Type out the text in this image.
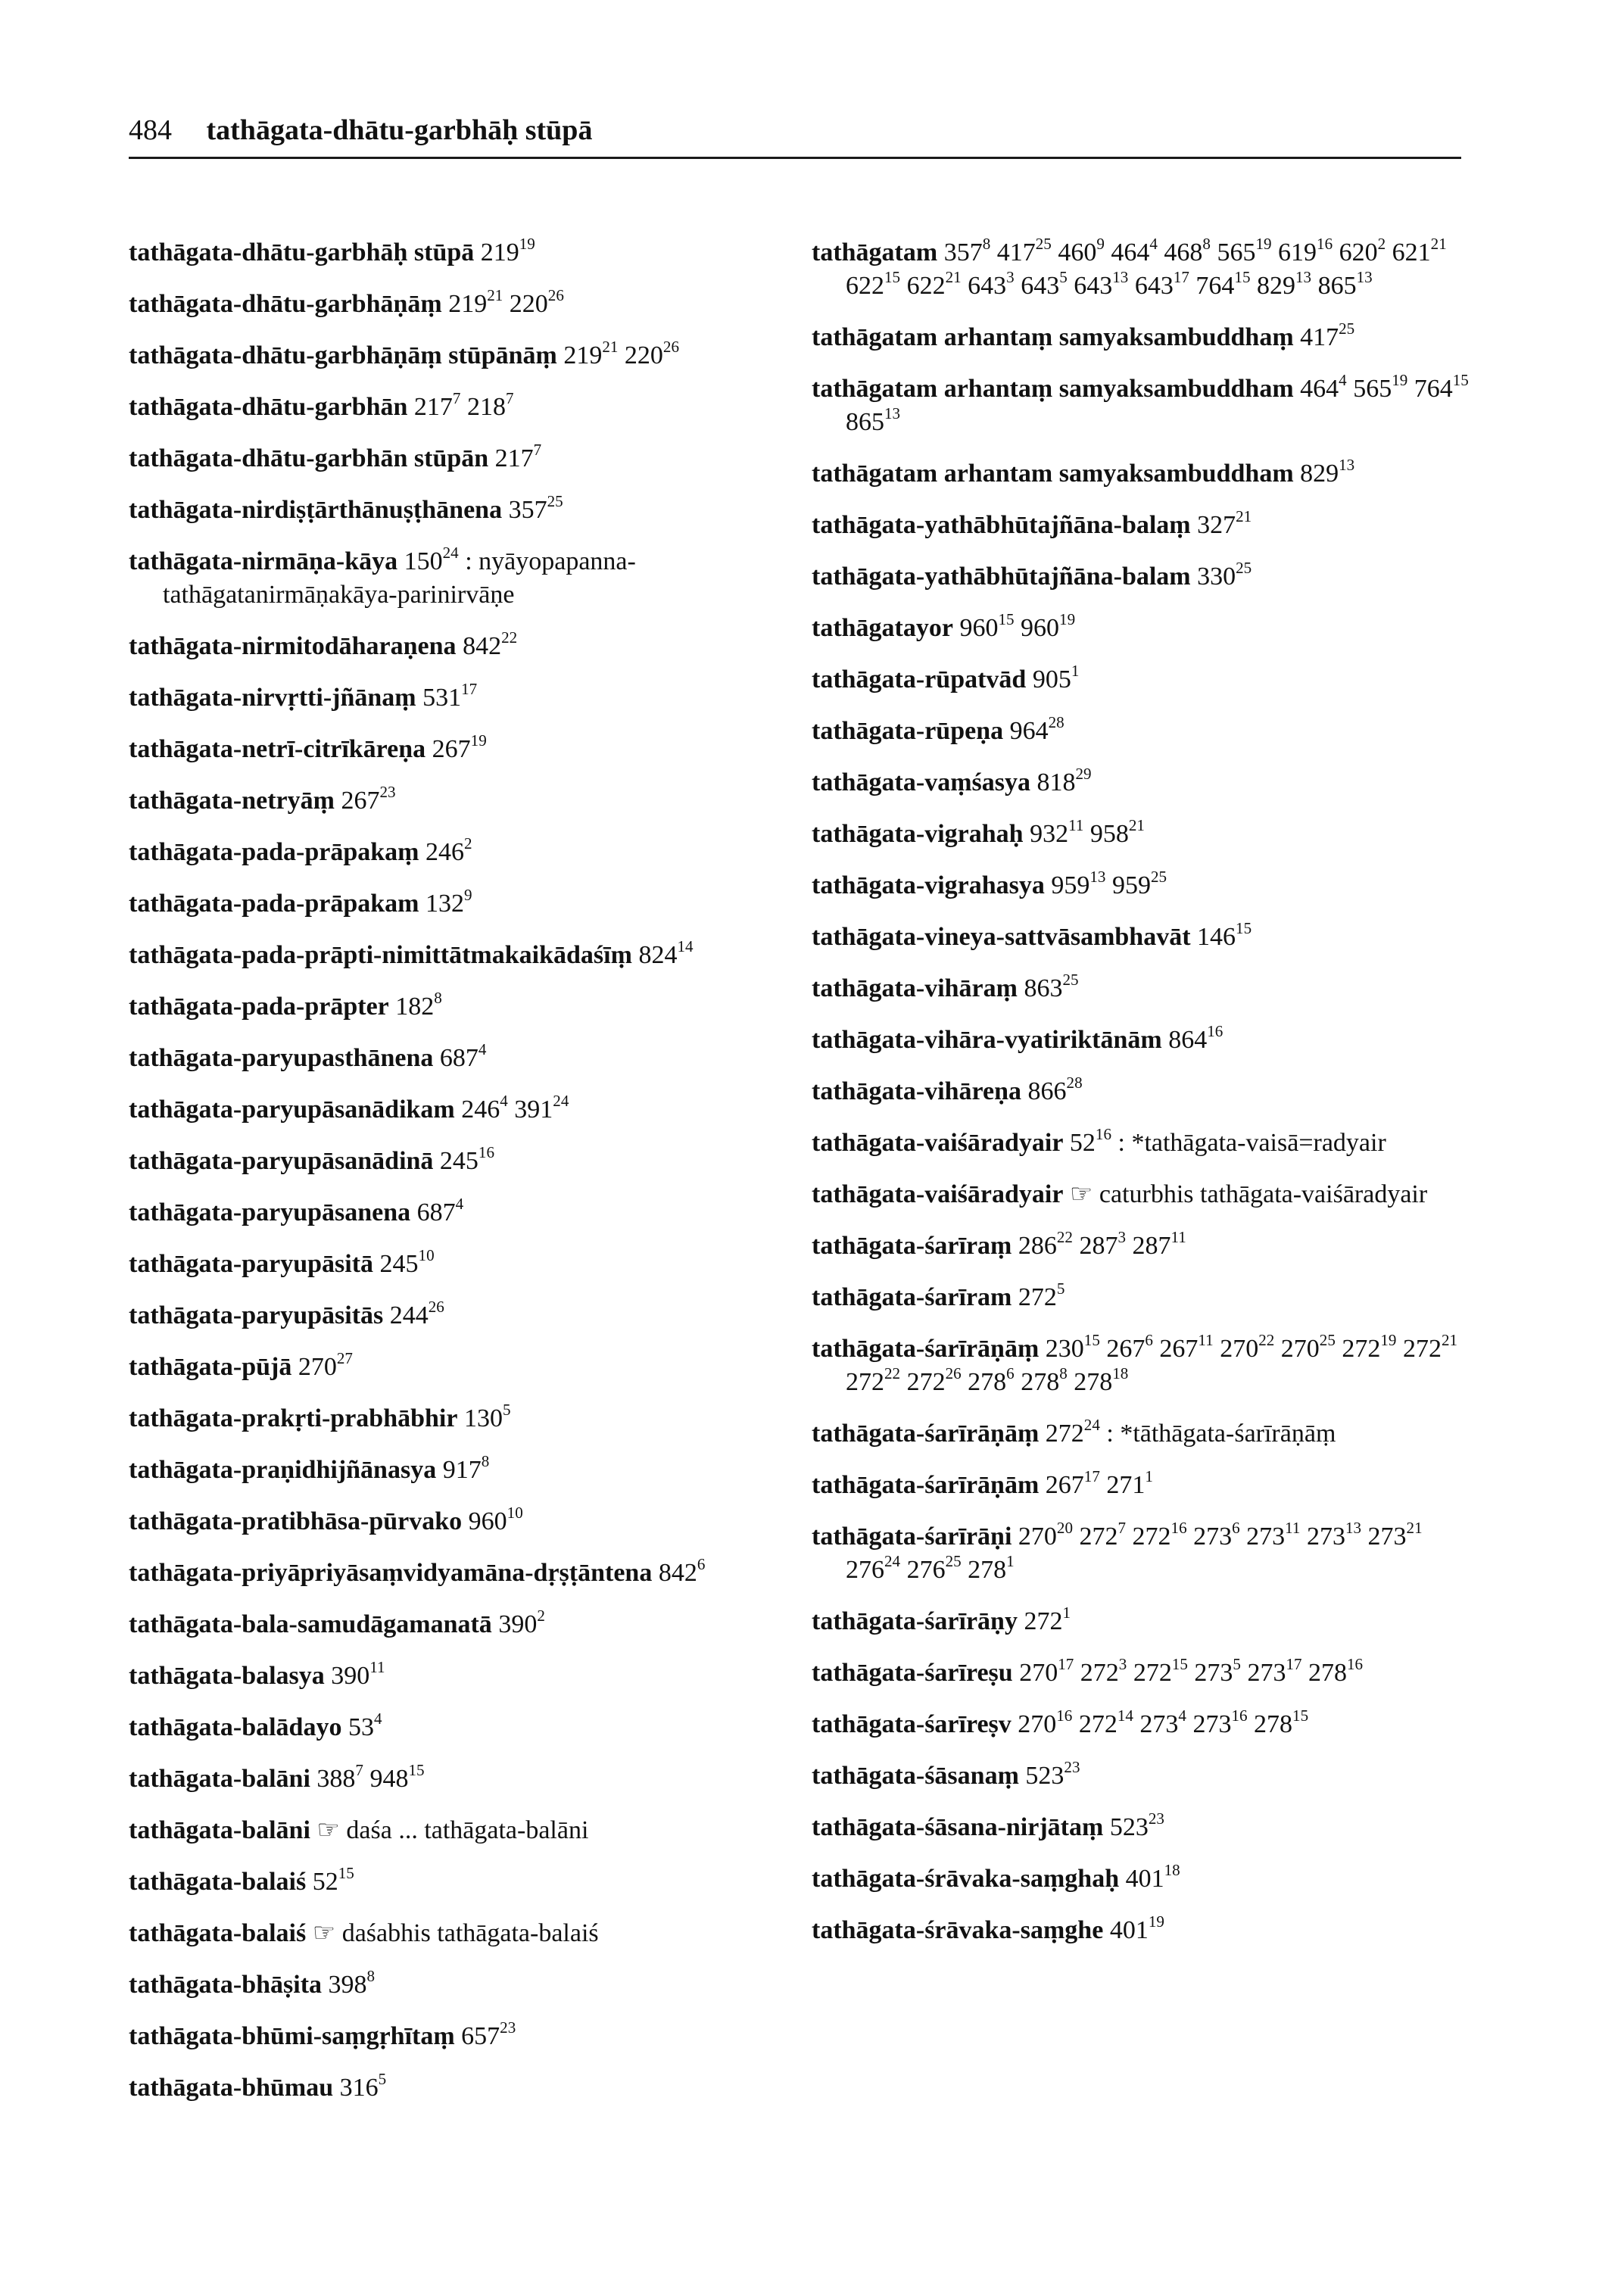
484 tathāgata-dhātu-garbhāḥ stūpā

tathāgata-dhātu-garbhāḥ stūpā $219^{19}$

tathāgata-dhātu-garbhāṇāṃ $219^{21}$ $220^{26}$

tathāgata-dhātu-garbhāṇāṃ stūpānāṃ $219^{21}$ $220^{26}$

tathāgata-dhātu-garbhān $217^7$ $218^7$

tathāgata-dhātu-garbhān stūpān $217^7$

tathāgata-nirdiṣṭārthānuṣṭhānena $357^{25}$

tathāgata-nirmāṇa-kāya $150^{24}$ : nyāyopapanna-tathāgatanirmāṇakāya-parinirvāṇe

tathāgata-nirmitodāharaṇena $842^{22}$

tathāgata-nirvṛtti-jñānaṃ $531^{17}$

tathāgata-netrī-citrīkāreṇa $267^{19}$

tathāgata-netryāṃ $267^{23}$

tathāgata-pada-prāpakaṃ $246^2$

tathāgata-pada-prāpakam $132^9$

tathāgata-pada-prāpti-nimittātmakaikādaśīṃ $824^{14}$

tathāgata-pada-prāpter $182^8$

tathāgata-paryupasthānena $687^4$

tathāgata-paryupāsanādikam $246^4$ $391^{24}$

tathāgata-paryupāsanādinā $245^{16}$

tathāgata-paryupāsanena $687^4$

tathāgata-paryupāsitā $245^{10}$

tathāgata-paryupāsitās $244^{26}$

tathāgata-pūjā $270^{27}$

tathāgata-prakṛti-prabhābhir $130^5$

tathāgata-praṇidhijñānasya $917^8$

tathāgata-pratibhāsa-pūrvako $960^{10}$

tathāgata-priyāpriyāsaṃvidyamāna-dṛṣṭāntena $842^6$

tathāgata-bala-samudāgamanatā $390^2$

tathāgata-balasya $390^{11}$

tathāgata-balādayo $53^4$

tathāgata-balāni $388^7$ $948^{15}$

tathāgata-balāni ☞ daśa ... tathāgata-balāni

tathāgata-balaiś $52^{15}$

tathāgata-balaiś ☞ daśabhis tathāgata-balaiś

tathāgata-bhāṣita $398^8$

tathāgata-bhūmi-saṃgṛhītaṃ $657^{23}$

tathāgata-bhūmau $316^5$

tathāgatam $357^8$ $417^{25}$ $460^9$ $464^4$ $468^8$ $565^{19}$ $619^{16}$ $620^2$ $621^{21}$ $622^{15}$ $622^{21}$ $643^3$ $643^5$ $643^{13}$ $643^{17}$ $764^{15}$ $829^{13}$ $865^{13}$

tathāgatam arhantaṃ samyaksambuddhaṃ $417^{25}$

tathāgatam arhantaṃ samyaksambuddham $464^4$ $565^{19}$ $764^{15}$ $865^{13}$

tathāgatam arhantam samyaksambuddham $829^{13}$

tathāgata-yathābhūtajñāna-balaṃ $327^{21}$

tathāgata-yathābhūtajñāna-balam $330^{25}$

tathāgatayor $960^{15}$ $960^{19}$

tathāgata-rūpatvād $905^1$

tathāgata-rūpeṇa $964^{28}$

tathāgata-vaṃśasya $818^{29}$

tathāgata-vigrahaḥ $932^{11}$ $958^{21}$

tathāgata-vigrahasya $959^{13}$ $959^{25}$

tathāgata-vineya-sattvāsambhavāt $146^{15}$

tathāgata-vihāraṃ $863^{25}$

tathāgata-vihāra-vyatiriktānām $864^{16}$

tathāgata-vihāreṇa $866^{28}$

tathāgata-vaiśāradyair $52^{16}$ : *tathāgata-vaisā=radyair

tathāgata-vaiśāradyair ☞ caturbhis tathāgata-vaiśāradyair

tathāgata-śarīraṃ $286^{22}$ $287^3$ $287^{11}$

tathāgata-śarīram $272^5$

tathāgata-śarīrāṇāṃ $230^{15}$ $267^6$ $267^{11}$ $270^{22}$ $270^{25}$ $272^{19}$ $272^{21}$ $272^{22}$ $272^{26}$ $278^6$ $278^8$ $278^{18}$

tathāgata-śarīrāṇāṃ $272^{24}$ : *tāthāgata-śarīrāṇāṃ

tathāgata-śarīrāṇām $267^{17}$ $271^1$

tathāgata-śarīrāṇi $270^{20}$ $272^7$ $272^{16}$ $273^6$ $273^{11}$ $273^{13}$ $273^{21}$ $276^{24}$ $276^{25}$ $278^1$

tathāgata-śarīrāṇy $272^1$

tathāgata-śarīreṣu $270^{17}$ $272^3$ $272^{15}$ $273^5$ $273^{17}$ $278^{16}$

tathāgata-śarīreṣv $270^{16}$ $272^{14}$ $273^4$ $273^{16}$ $278^{15}$

tathāgata-śāsanaṃ $523^{23}$

tathāgata-śāsana-nirjātaṃ $523^{23}$

tathāgata-śrāvaka-saṃghaḥ $401^{18}$

tathāgata-śrāvaka-saṃghe $401^{19}$
